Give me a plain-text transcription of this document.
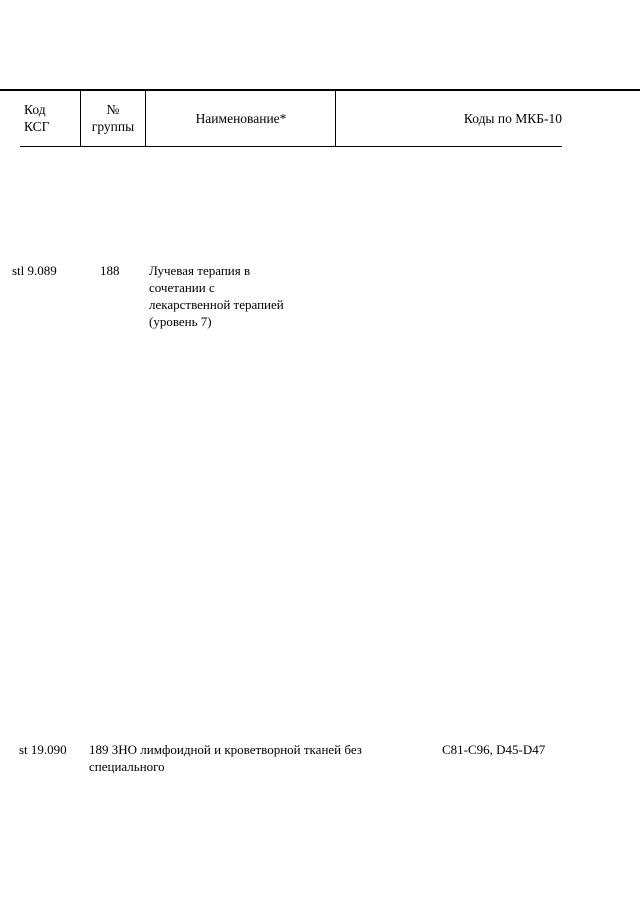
Код
КСГ
№
группы
Наименование*	Коды по МКБ-10
stl 9.089	188 Лучевая терапия в
сочетании с
лекарственной терапией
(уровень 7)
st 19.090 189 ЗНО лимфоидной и кроветворной тканей без
специального
C81-C96, D45-D47
